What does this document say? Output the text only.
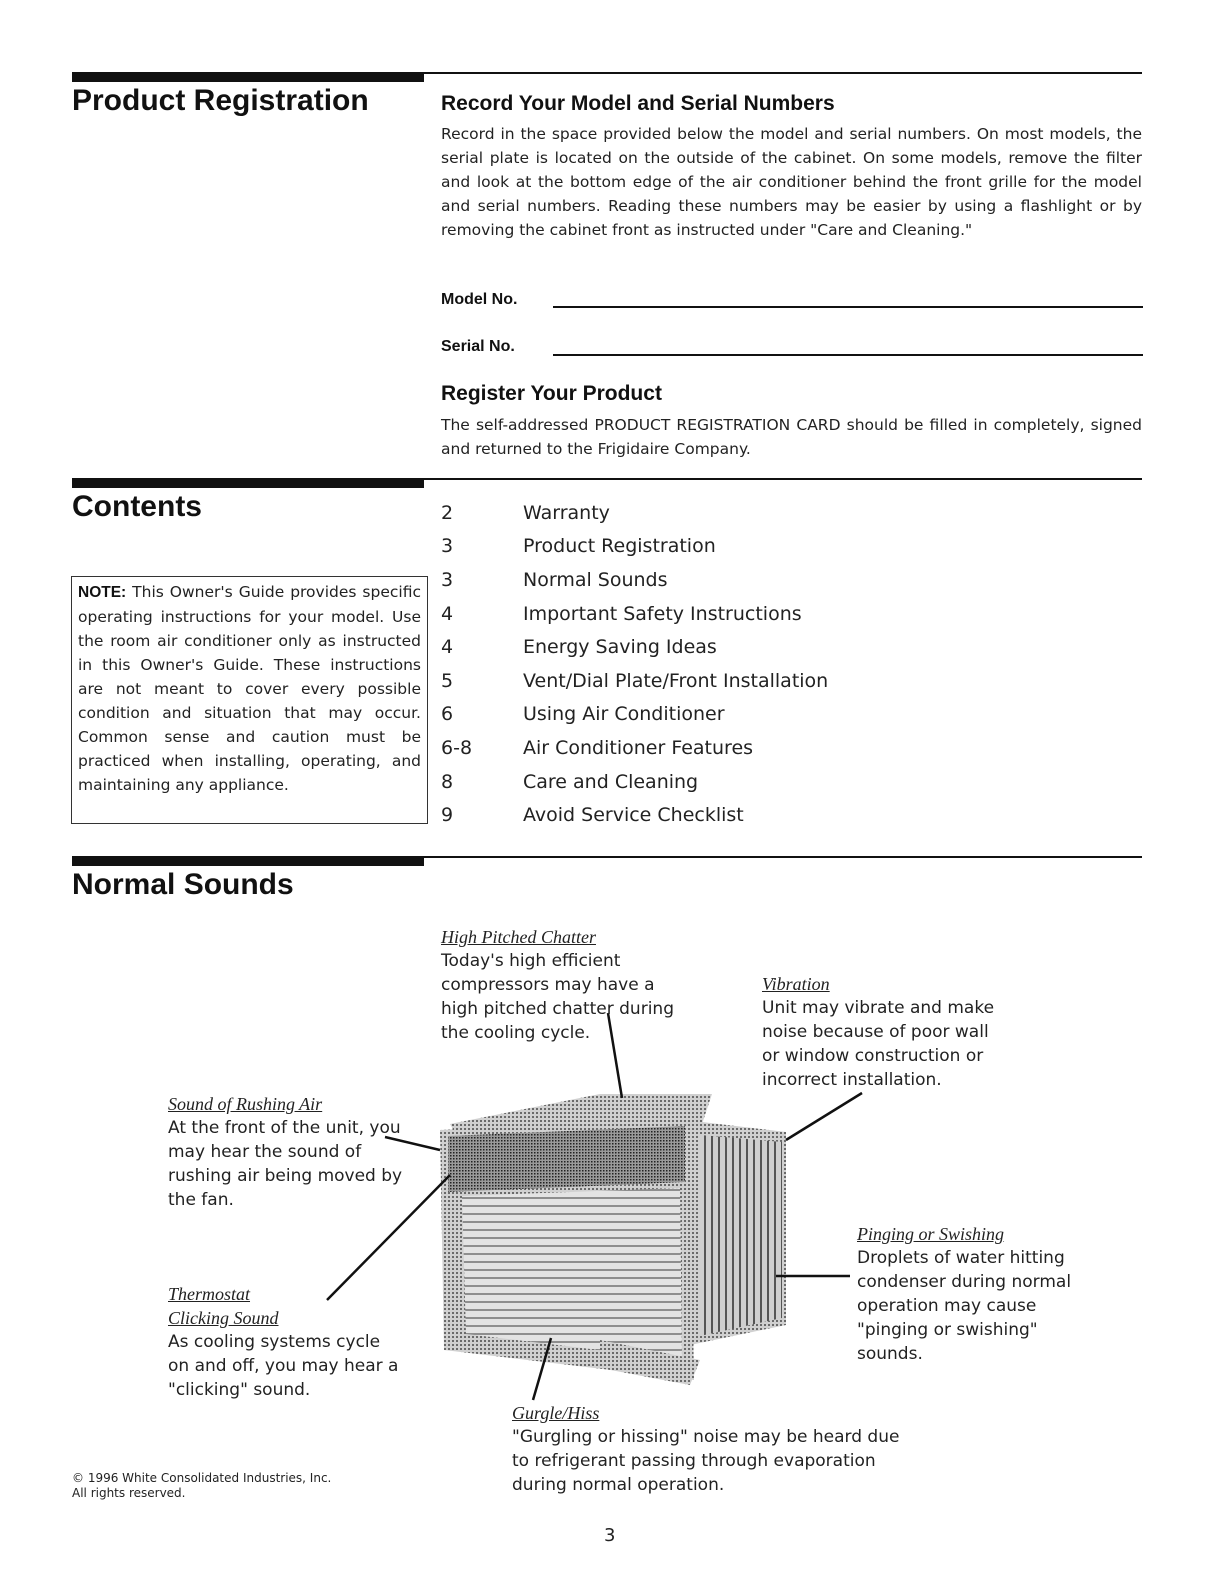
Product Registration	Record Your Model and Serial Numbers

Record in the space provided below the model and serial numbers. On most models, the serial plate is located on the outside of the cabinet. On some models, remove the filter and look at the bottom edge of the air conditioner behind the front grille for the model and serial numbers. Reading these numbers may be easier by using a flashlight or by removing the cabinet front as instructed under "Care and Cleaning."

Model No.
Serial No.
Register Your Product

The self-addressed PRODUCT REGISTRATION CARD should be filled in completely, signed and returned to the Frigidaire Company.

Contents
NOTE: This Owner's Guide provides specific operating instructions for your model. Use the room air conditioner only as instructed in this Owner's Guide. These instructions are not meant to cover every possible condition and situation that may occur. Common sense and caution must be practiced when installing, operating, and maintaining any appliance.
2	Warranty
3	Product Registration
3	Normal Sounds
4	Important Safety Instructions
4	Energy Saving Ideas
5	Vent/Dial Plate/Front Installation
6	Using Air Conditioner
6-8	Air Conditioner Features
8	Care and Cleaning
9	Avoid Service Checklist
Normal Sounds
High Pitched Chatter
Today's high efficient compressors may have a high pitched chatter during the cooling cycle.
Vibration
Unit may vibrate and make noise because of poor wall or window construction or incorrect installation.
Sound of Rushing Air
At the front of the unit, you may hear the sound of rushing air being moved by the fan.
Thermostat Clicking Sound
As cooling systems cycle on and off, you may hear a "clicking" sound.
Pinging or Swishing
Droplets of water hitting condenser during normal operation may cause "pinging or swishing" sounds.
Gurgle/Hiss
"Gurgling or hissing" noise may be heard due to refrigerant passing through evaporation during normal operation.
© 1996 White Consolidated Industries, Inc.
All rights reserved.
3
